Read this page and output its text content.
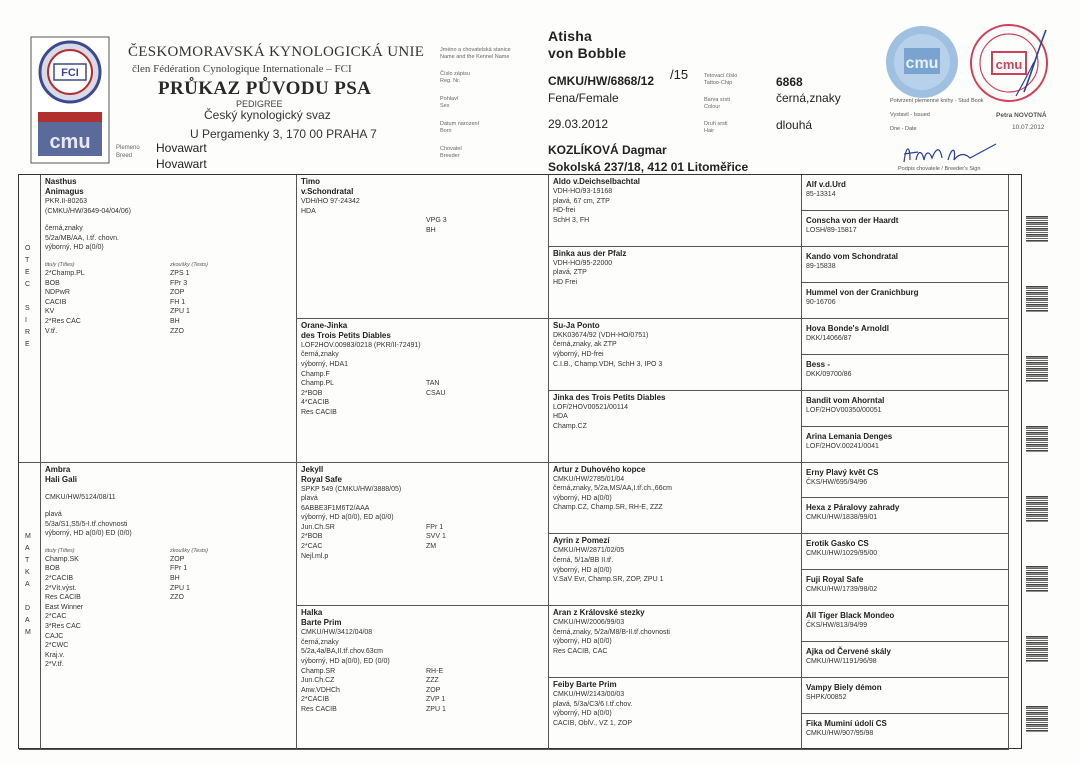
FCI
cmu
ČESKOMORAVSKÁ KYNOLOGICKÁ UNIE
člen Fédération Cynologique Internationale – FCI
PRŮKAZ PŮVODU PSA
PEDIGREE
Český kynologický svaz
U Pergamenky 3, 170 00 PRAHA 7
Plemeno
Breed
Hovawart
Hovawart
Jméno a chovatelská stanice
Name and the Kennel Name
Číslo zápisu
Reg. Nr.
Pohlaví
Sex
Datum narození
Born
Chovatel
Breeder
Atisha
von Bobble
CMKU/HW/6868/12 /15
Fena/Female
29.03.2012
KOZLÍKOVÁ Dagmar
Sokolská 237/18, 412 01 Litoměřice
Tetovací číslo
Tattoo-Chip
Barva srsti
Colour
Druh srsti
Hair
6868
černá,znaky
dlouhá
cmu	cmu
Potvrzení plemenné knihy - Stud Book
Vystavil - Issued	Petra NOVOTNÁ
Dne - Date	10.07.2012
Podpis chovatele / Breeder's Sign
O
T
E
C
S
I
R
E
M
A
T
K
A
D
A
M
Nasthus
Animagus
PKR.II-80263
(CMKU/HW/3649-04/04/06)
černá,znaky
5/2a/MB/AA, I.tř. chovn.
výborný, HD a(0/0)
tituly (Titles)	zkoušky (Tests)
2*Champ.PL	ZPS 1
BOB	FPr 3
NDPwR	ZOP
CACIB	FH 1
KV	ZPU 1
2*Res CAC	BH
V.tř.	ZZO
Ambra
Hali Gali
CMKU/HW/5124/08/11
plavá
5/3a/S1,S5/5-I.tř.chovnosti
výborný, HD a(0/0) ED (0/0)
tituly (Titles)	zkoušky (Tests)
Champ.SK	ZOP
BOB	FPr 1
2*CACIB	BH
2*Vít.výst.	ZPU 1
Res CACIB	ZZO
East Winner
2*CAC
3*Res CAC
CAJC
2*CWC
Kraj.v.
2*V.tř.
Timo
v.Schondratal
VDH/HO 97-24342
HDA
VPG 3
BH
Orane-Jinka
des Trois Petits Diables
LOF2HOV.00983/0218 (PKR/II-72491)
černá,znaky
výborný, HDA1
Champ.F
Champ.PL	TAN
2*BOB	CSAU
4*CACIB
Res CACIB
Jekyll
Royal Safe
SPKP 549 (CMKU/HW/3888/05)
plavá
6ABBE3F1M6T2/AAA
výborný, HD a(0/0), ED a(0/0)
Jun.Ch.SR	FPr 1
2*BOB	SVV 1
2*CAC	ZM
Nejl.ml.p
Halka
Barte Prim
CMKU/HW/3412/04/08
černá,znaky
5/2a,4a/BA,II.tř.chov.63cm
výborný, HD a(0/0), ED (0/0)
Champ.SR	RH-E
Jun.Ch.CZ	ZZZ
Anw.VDHCh	ZOP
2*CACIB	ZVP 1
Res CACIB	ZPU 1
Aldo v.Deichselbachtal
VDH-HO/93-19168
plavá, 67 cm, ZTP
HD-frei
SchH 3, FH
Binka aus der Pfalz
VDH-HO/95-22000
plavá, ZTP
HD Frei
Su-Ja Ponto
DKK03674/92 (VDH-HO/0751)
černá,znaky, ak ZTP
výborný, HD-frei
C.I.B., Champ.VDH, SchH 3, IPO 3
Jinka des Trois Petits Diables
LOF/2HOV00521/00114
HDA
Champ.CZ
Artur z Duhového kopce
CMKU/HW/2785/01/04
černá,znaky, 5/2a,MS/AA,I.tř.ch.,66cm
výborný, HD a(0/0)
Champ.CZ, Champ.SR, RH-E, ZZZ
Ayrin z Pomezí
CMKU/HW/2871/02/05
černá, 5/1a/BB II.tř.
výborný, HD a(0/0)
V.SaV Evr, Champ.SR, ZOP, ZPU 1
Aran z Královské stezky
CMKU/HW/2006/99/03
černá,znaky, 5/2a/M8/B-II.tř.chovnosti
výborný, HD a(0/0)
Res CACIB, CAC
Feiby Barte Prim
CMKU/HW/2143/00/03
plavá, 5/3a/C3/6 I.tř.chov.
výborný, HD a(0/0)
CACIB, OblV., VZ 1, ZOP
Alf v.d.Urd
85-13314
Conscha von der Haardt
LOSH/89-15817
Kando vom Schondratal
89-15838
Hummel von der Cranichburg
90-16706
Hova Bonde's Arnoldl
DKK/14066/87
Bess -
DKK/09700/86
Bandit vom Ahorntal
LOF/2HOV00350/00051
Arina Lemania Denges
LOF/2HOV.00241/0041
Erny Plavý květ CS
ČKS/HW/695/94/96
Hexa z Páralovy zahrady
CMKU/HW/1838/99/01
Erotik Gasko CS
CMKU/HW/1029/95/00
Fuji Royal Safe
CMKU/HW/1739/98/02
All Tiger Black Mondeo
ČKS/HW/813/94/99
Ajka od Červené skály
CMKU/HW/1191/96/98
Vampy Biely démon
SHPK/00852
Fika Muminí údolí CS
CMKU/HW/907/95/98
